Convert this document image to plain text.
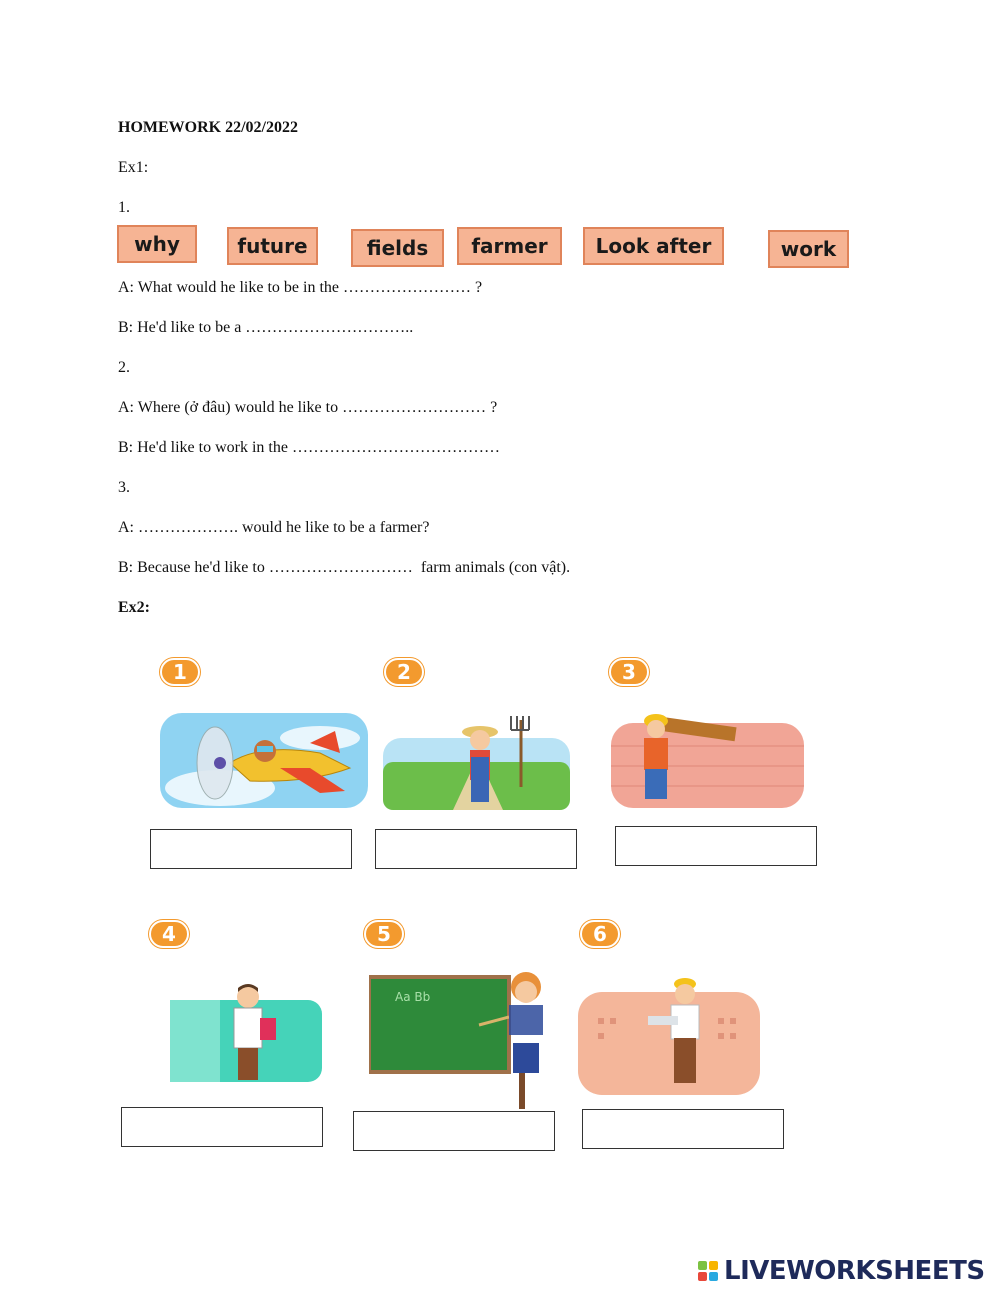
HOMEWORK 22/02/2022
Ex1:
1.
why	future	fields	farmer	Look after	work
A: What would he like to be in the …………………… ?
B: He'd like to be a …………………………..
2.
A: Where (ở đâu) would he like to ……………………… ?
B: He'd like to work in the …………………………………
3.
A: ………………. would he like to be a farmer?
B: Because he'd like to ………………………  farm animals (con vật).
Ex2:
1	2	3
4	5	6
Aa Bb
LIVEWORKSHEETS
